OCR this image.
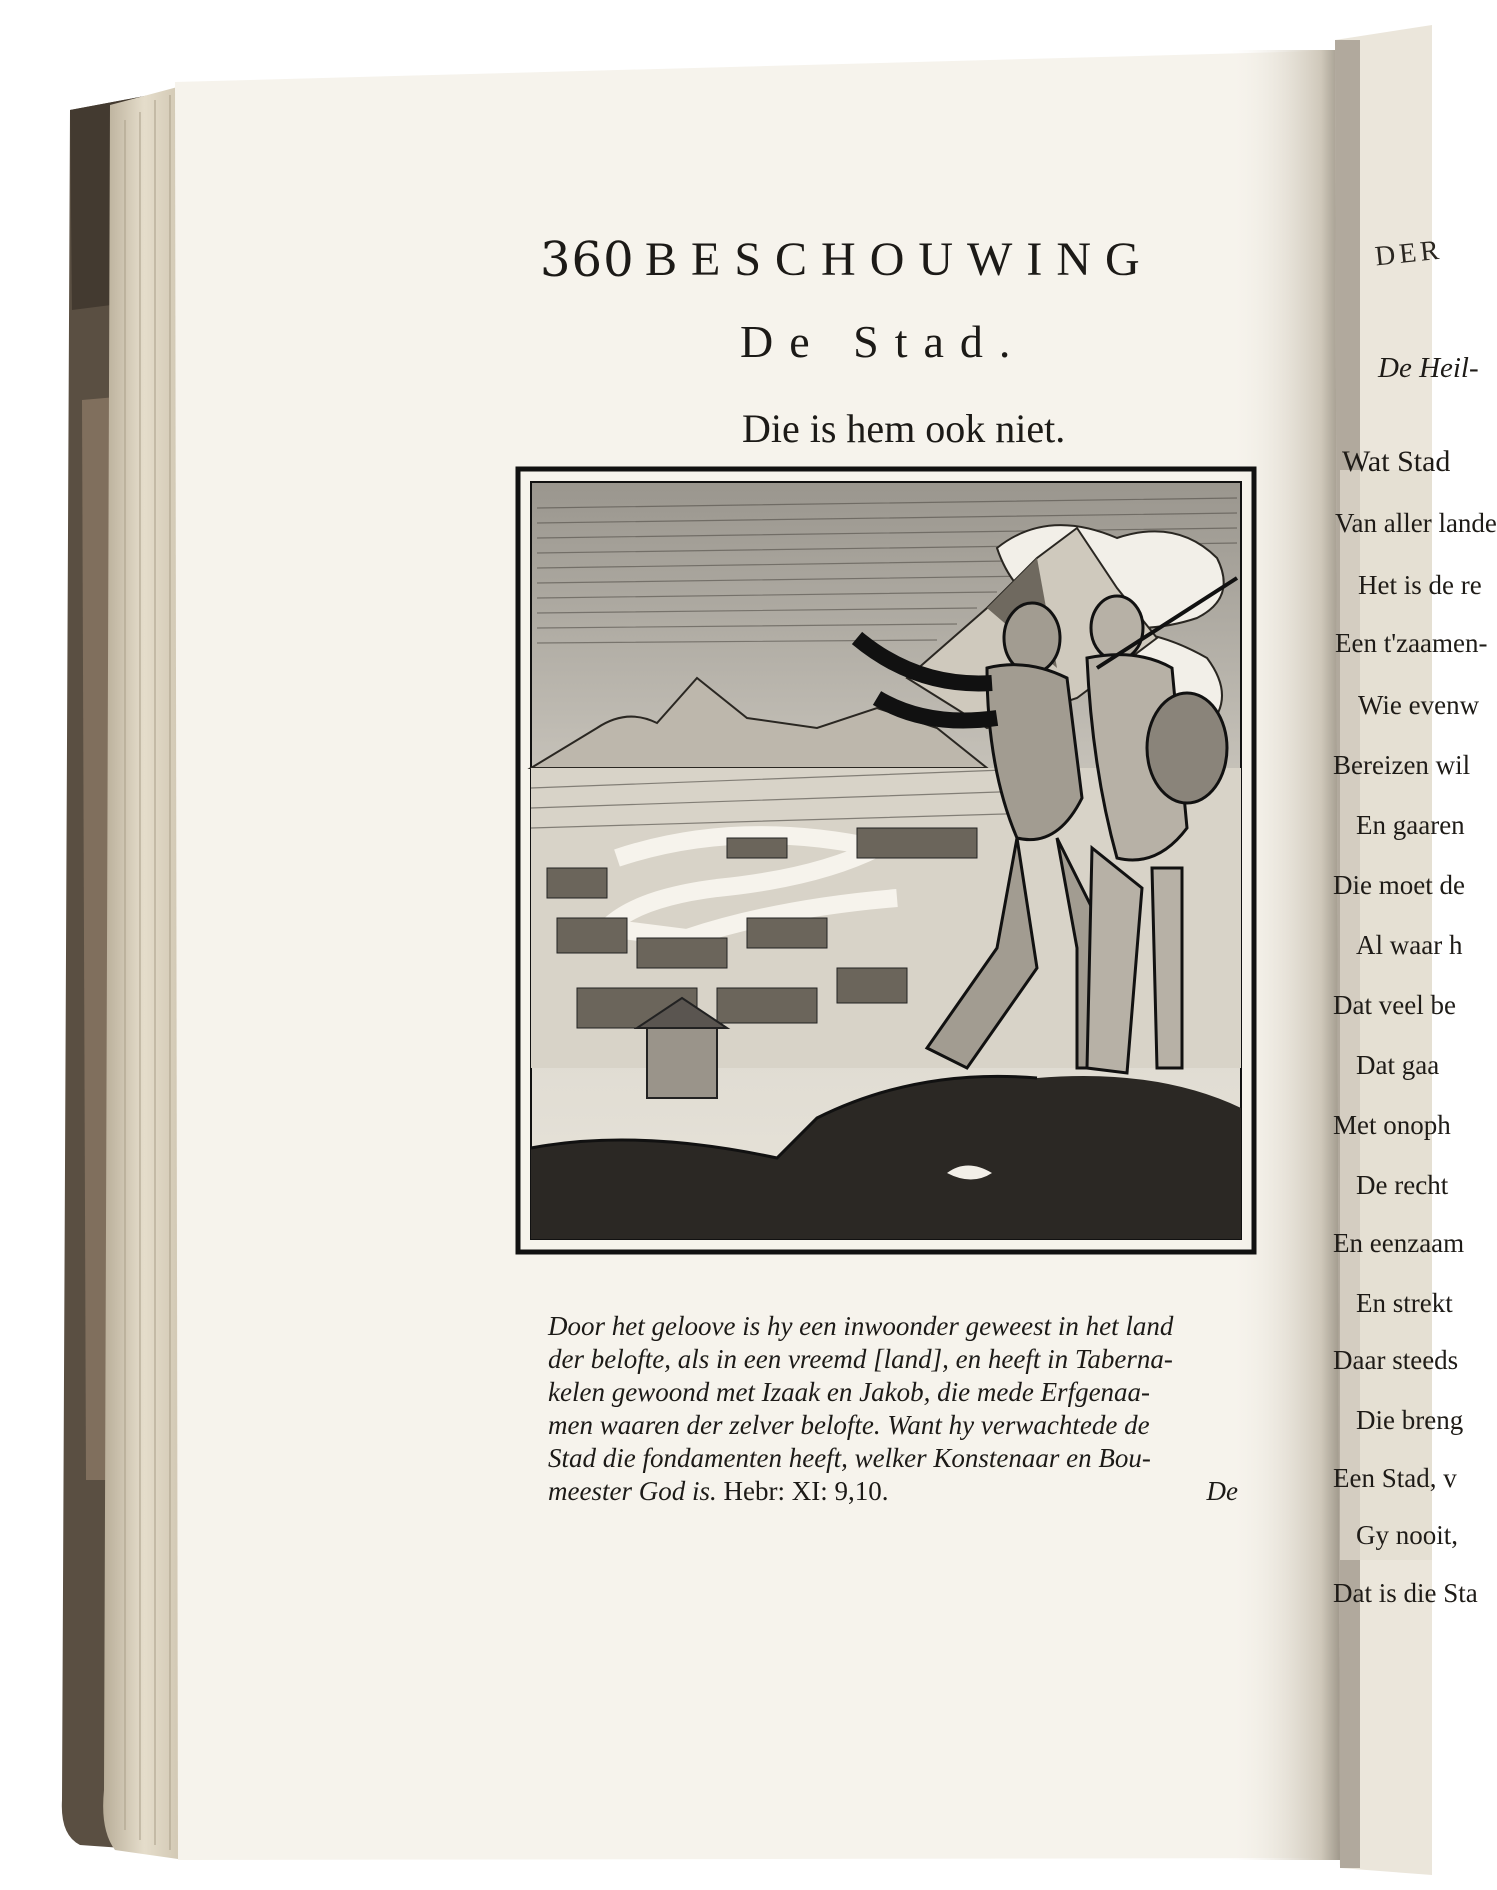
360 BESCHOUWING
De Stad.
Die is hem ook niet.

Door het geloove is hy een inwoonder geweest in het land

der belofte, als in een vreemd [land], en heeft in Taberna-

kelen gewoond met Izaak en Jakob, die mede Erfgenaa-

men waaren der zelver belofte. Want hy verwachtede de

Stad die fondamenten heeft, welker Konstenaar en Bou-

meester God is. Hebr: XI: 9,10.	De

DER
De Heil-
Wat Stad
Van aller lande
Het is de re
Een t'zaamen-
Wie evenw
Bereizen wil
En gaaren
Die moet de
Al waar h
Dat veel be
Dat gaa
Met onoph
De recht
En eenzaam
En strekt
Daar steeds
Die breng
Een Stad, v
Gy nooit,
Dat is die Sta
